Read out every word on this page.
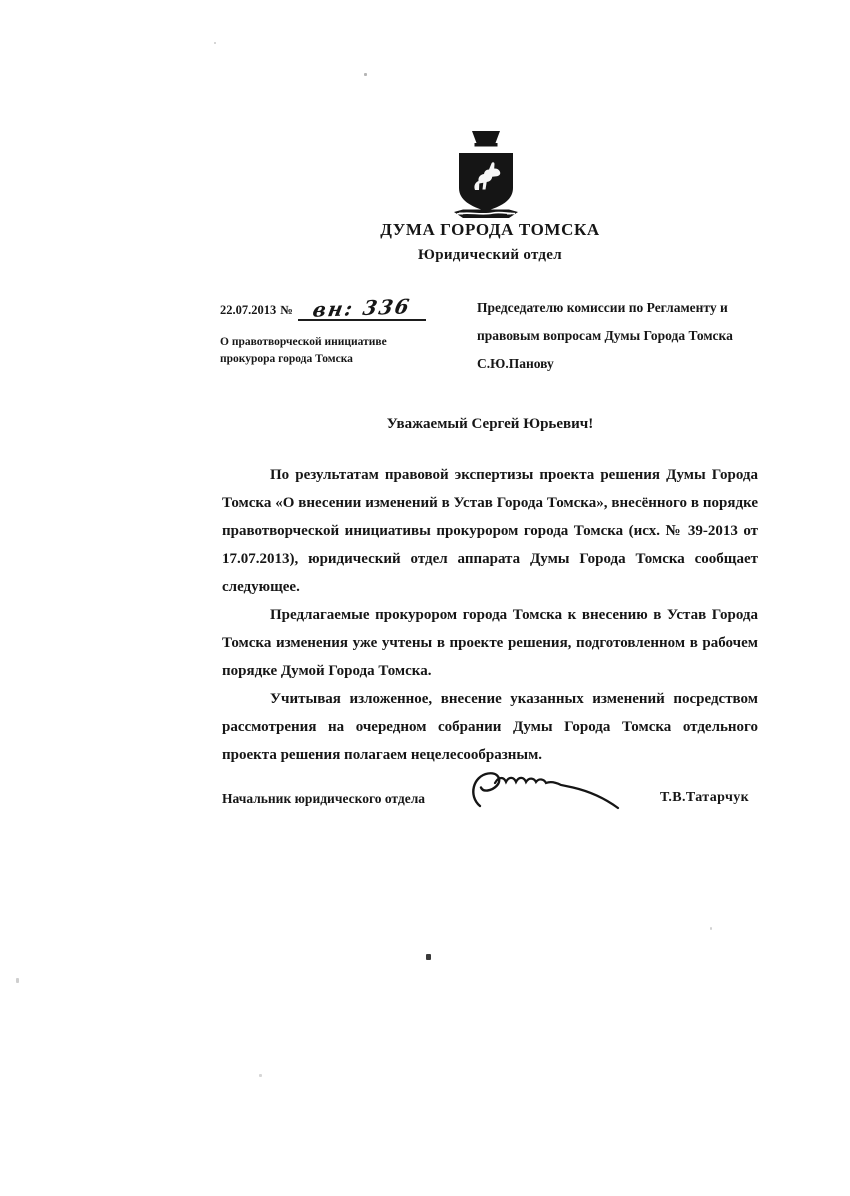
ДУМА ГОРОДА ТОМСКА
Юридический отдел
22.07.2013 № вн: 336
О правотворческой инициативе
прокурора города Томска
Председателю комиссии по Регламенту и
правовым вопросам Думы Города Томска
С.Ю.Панову
Уважаемый Сергей Юрьевич!

По результатам правовой экспертизы проекта решения Думы Города Томска «О внесении изменений в Устав Города Томска», внесённого в порядке правотворческой инициативы прокурором города Томска (исх. № 39-2013 от 17.07.2013), юридический отдел аппарата Думы Города Томска сообщает следующее.

Предлагаемые прокурором города Томска к внесению в Устав Города Томска изменения уже учтены в проекте решения, подготовленном в рабочем порядке Думой Города Томска.

Учитывая изложенное, внесение указанных изменений посредством рассмотрения на очередном собрании Думы Города Томска отдельного проекта решения полагаем нецелесообразным.

Начальник юридического отдела	Т.В.Татарчук
